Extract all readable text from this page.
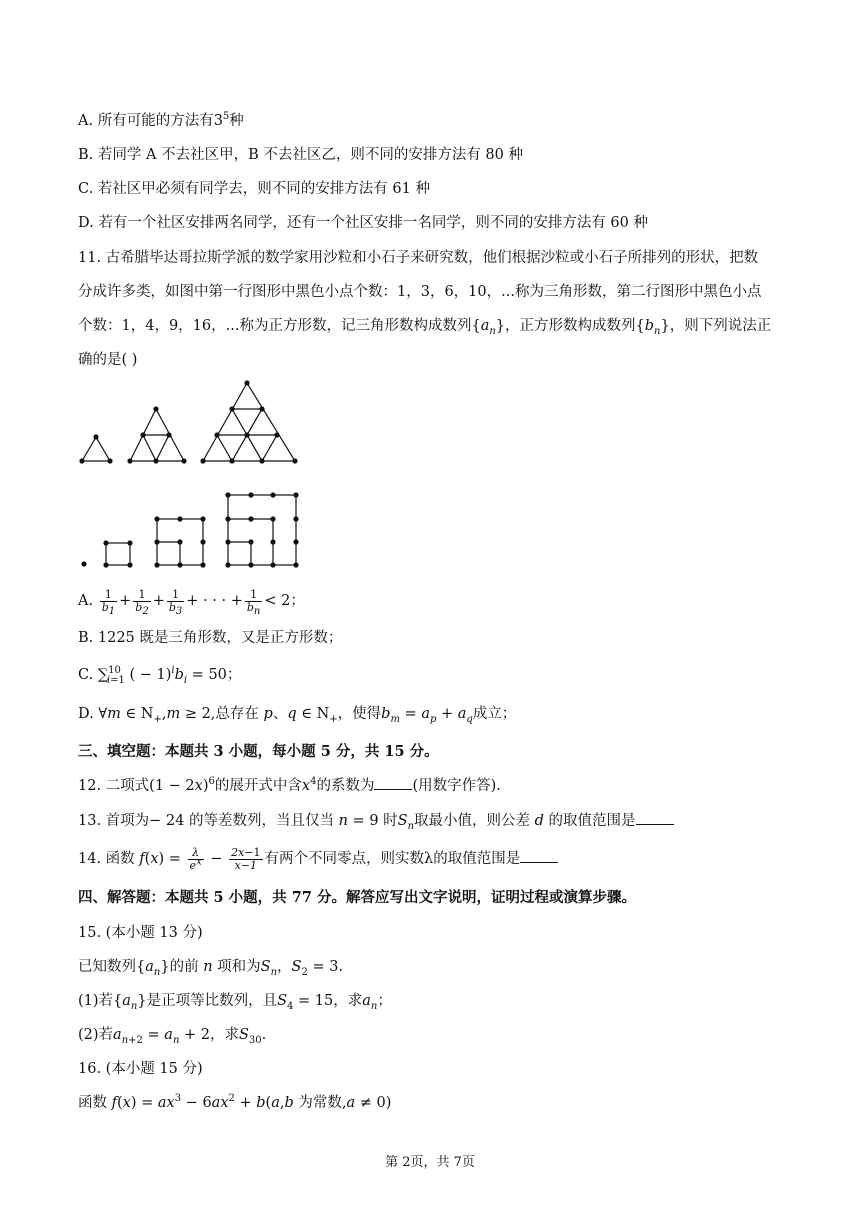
A. 所有可能的方法有$3^5$种
B. 若同学 A 不去社区甲，B 不去社区乙，则不同的安排方法有 80 种
C. 若社区甲必须有同学去，则不同的安排方法有 61 种
D. 若有一个社区安排两名同学，还有一个社区安排一名同学，则不同的安排方法有 60 种
11. 古希腊毕达哥拉斯学派的数学家用沙粒和小石子来研究数，他们根据沙粒或小石子所排列的形状，把数
分成许多类，如图中第一行图形中黑色小点个数：1，3，6，10，...称为三角形数，第二行图形中黑色小点
个数：1，4，9，16，...称为正方形数，记三角形数构成数列$\{a_n\}$，正方形数构成数列$\{b_n\}$，则下列说法正
确的是( )
A. $\frac{1}{b_1} + \frac{1}{b_2} + \frac{1}{b_3}$ + · · · + $\frac{1}{b_n} < 2$；
B. 1225 既是三角形数，又是正方形数；
C. ∑$^{10}_{i=1}$ ( − $1)^ib_i = 50$；
D. ∀m ∈ $N_+,m \ge 2$,总存在 p、q ∈ $N_+$，使得$b_m = a_p + a_q$成立；
三、填空题：本题共 3 小题，每小题 5 分，共 15 分。
12. 二项式$(1 - 2x)^6$的展开式中含$x^4$的系数为	(用数字作答).
13. 首项为− 24 的等差数列，当且仅当 n = 9 时$S_n$取最小值，则公差 d 的取值范围是
14. 函数 $f(x) = \frac{\lambda}{e^x} - \frac{2x-1}{x-1}$ 有两个不同零点，则实数λ的取值范围是
四、解答题：本题共 5 小题，共 77 分。解答应写出文字说明，证明过程或演算步骤。
15. (本小题 13 分)
已知数列$\{a_n\}$的前 n 项和为$S_n$，$S_2 = 3$.
(1)若$\{a_n\}$是正项等比数列，且$S_4 = 15$，求$a_n$；
(2)若$a_{n+2} = a_n + 2$，求$S_{30}$.
16. (本小题 15 分)
函数 $f(x) = ax^3 - 6ax^2 + b(a,b$ 为常数,a ≠ 0)
第 2页，共 7页
